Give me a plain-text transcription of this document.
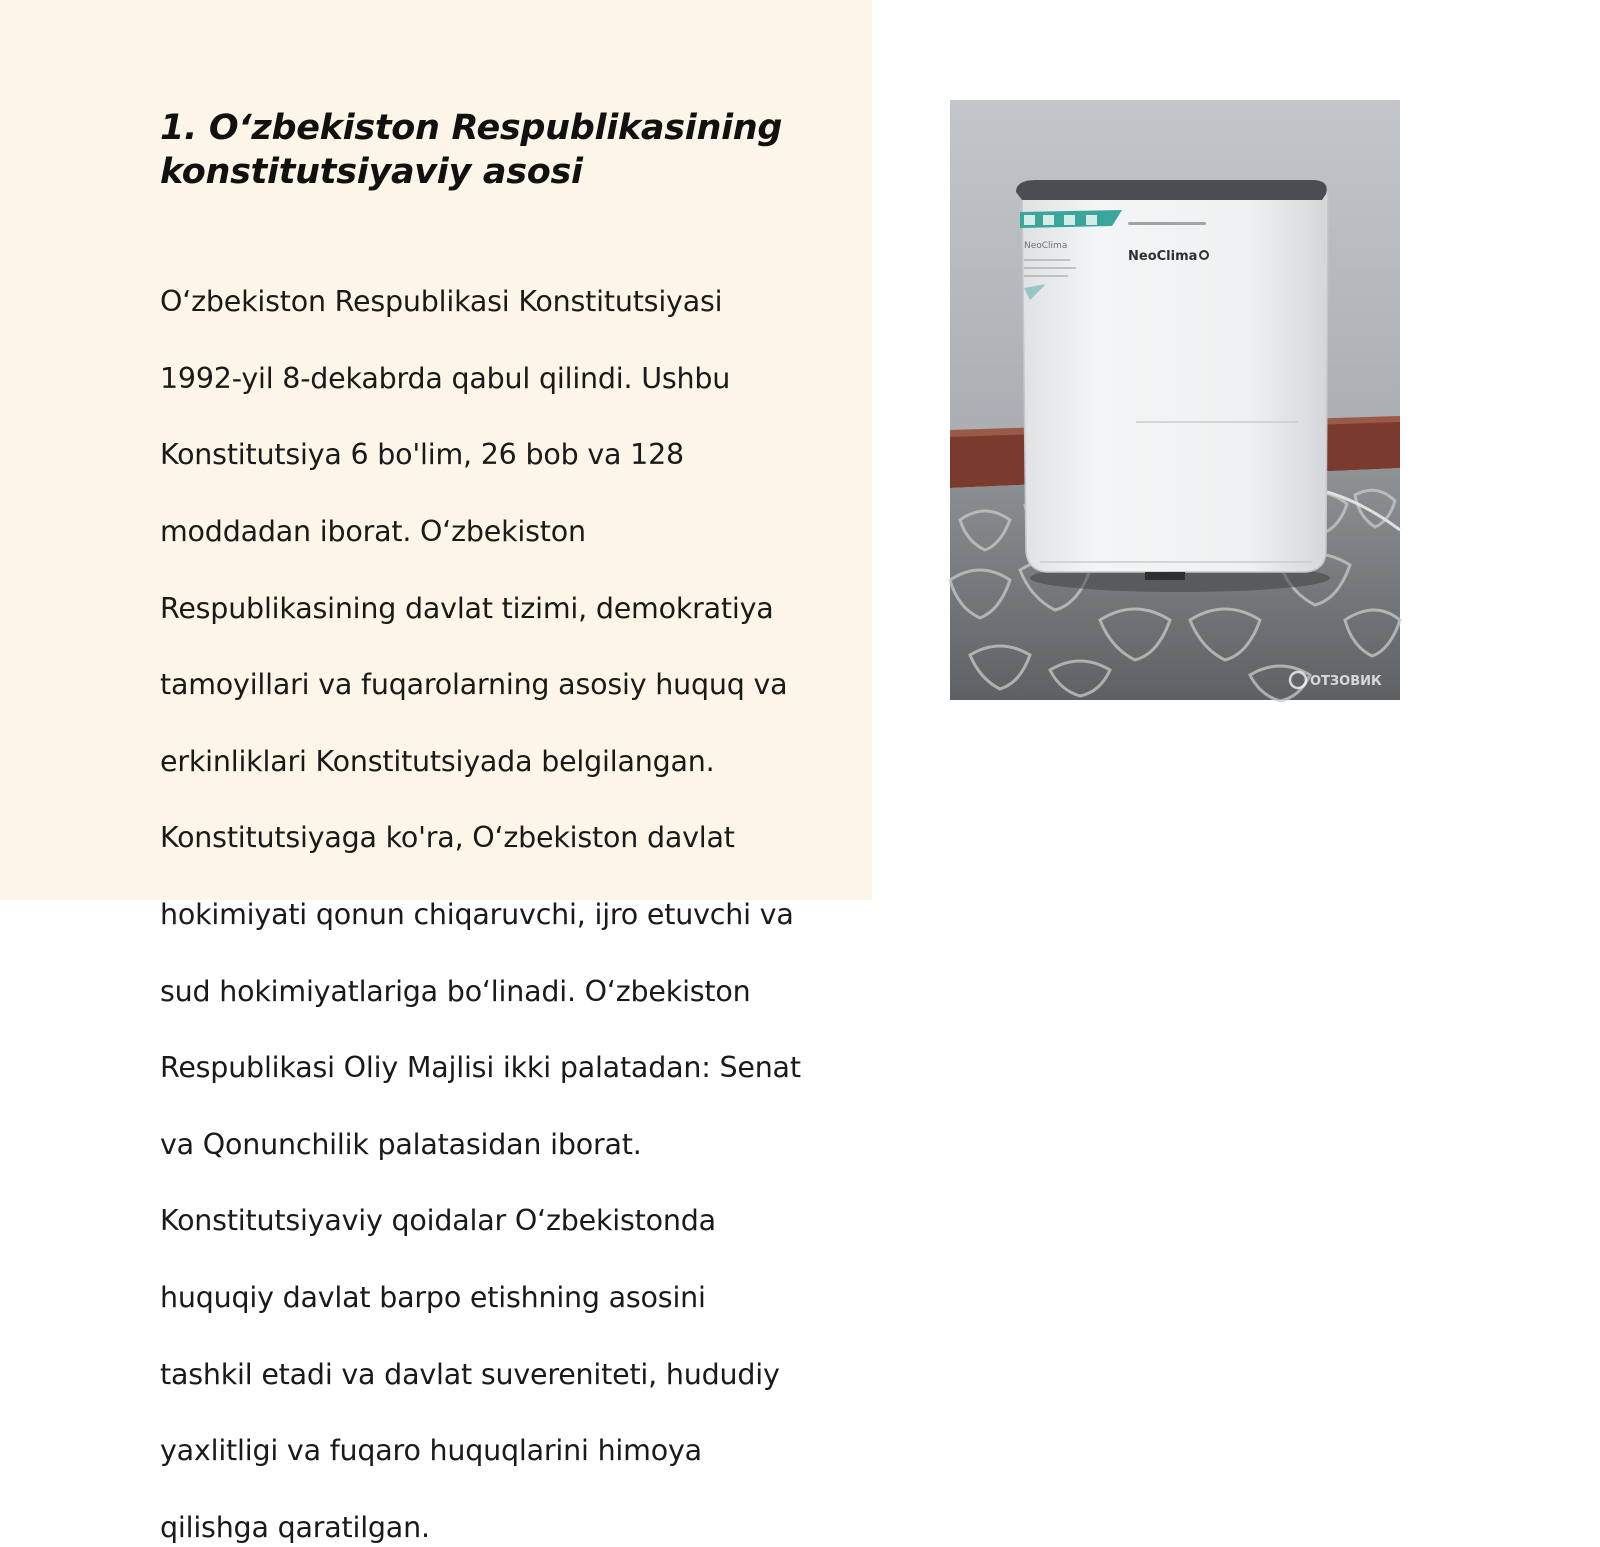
1. O‘zbekiston Respublikasining konstitutsiyaviy asosi

O‘zbekiston Respublikasi Konstitutsiyasi

1992-yil 8-dekabrda qabul qilindi. Ushbu

Konstitutsiya 6 bo'lim, 26 bob va 128

moddadan iborat. O‘zbekiston

Respublikasining davlat tizimi, demokratiya

tamoyillari va fuqarolarning asosiy huquq va

erkinliklari Konstitutsiyada belgilangan.

Konstitutsiyaga ko'ra, O‘zbekiston davlat

hokimiyati qonun chiqaruvchi, ijro etuvchi va

sud hokimiyatlariga bo‘linadi. O‘zbekiston

Respublikasi Oliy Majlisi ikki palatadan: Senat

va Qonunchilik palatasidan iborat.

Konstitutsiyaviy qoidalar O‘zbekistonda

huquqiy davlat barpo etishning asosini

tashkil etadi va davlat suvereniteti, hududiy

yaxlitligi va fuqaro huquqlarini himoya

qilishga qaratilgan.

NeoClima
NeoClima
ОТЗОВИК
